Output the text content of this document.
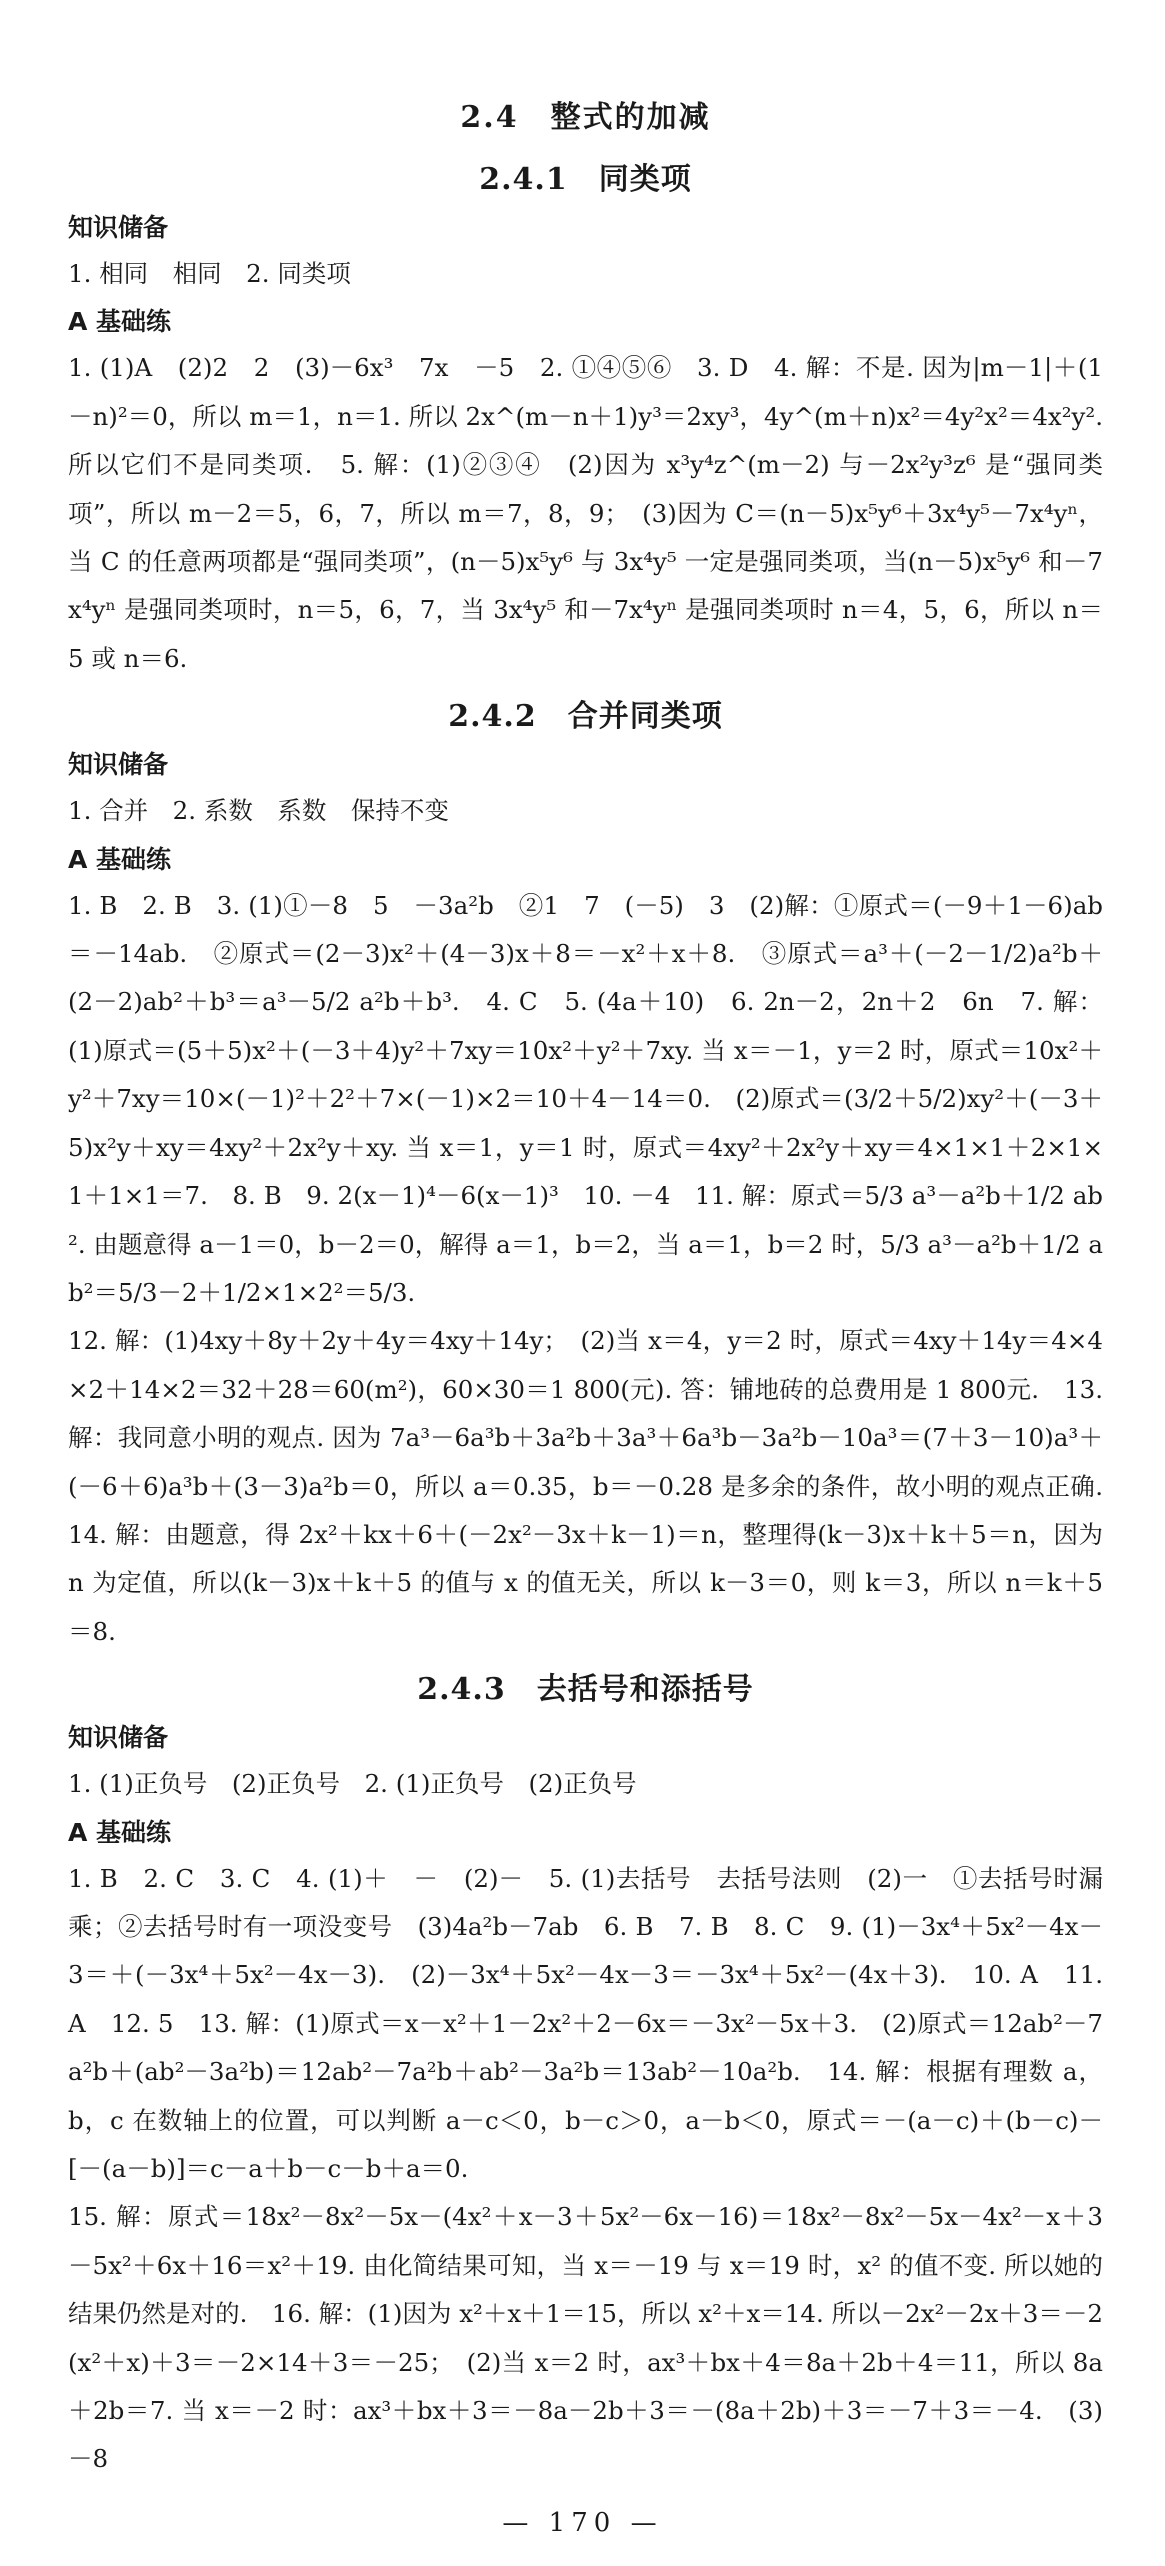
2.4　整式的加减
2.4.1　同类项
知识储备

1. 相同　相同　2. 同类项

A 基础练

1. (1)A　(2)2　2　(3)－6x³　7x　－5　2. ①④⑤⑥　3. D　4. 解：不是. 因为|m－1|＋(1－n)²＝0，所以 m＝1，n＝1. 所以 2x^(m－n＋1)y³＝2xy³，4y^(m＋n)x²＝4y²x²＝4x²y². 所以它们不是同类项.　5. 解：(1)②③④　(2)因为 x³y⁴z^(m－2) 与－2x²y³z⁶ 是“强同类项”，所以 m－2＝5，6，7，所以 m＝7，8，9；　(3)因为 C＝(n－5)x⁵y⁶＋3x⁴y⁵－7x⁴yⁿ，当 C 的任意两项都是“强同类项”，(n－5)x⁵y⁶ 与 3x⁴y⁵ 一定是强同类项，当(n－5)x⁵y⁶ 和－7x⁴yⁿ 是强同类项时，n＝5，6，7，当 3x⁴y⁵ 和－7x⁴yⁿ 是强同类项时 n＝4，5，6，所以 n＝5 或 n＝6.

2.4.2　合并同类项
知识储备

1. 合并　2. 系数　系数　保持不变

A 基础练

1. B　2. B　3. (1)①－8　5　－3a²b　②1　7　(－5)　3　(2)解：①原式＝(－9＋1－6)ab＝－14ab.　②原式＝(2－3)x²＋(4－3)x＋8＝－x²＋x＋8.　③原式＝a³＋(－2－1/2)a²b＋(2－2)ab²＋b³＝a³－5/2 a²b＋b³.　4. C　5. (4a＋10)　6. 2n－2，2n＋2　6n　7. 解：(1)原式＝(5＋5)x²＋(－3＋4)y²＋7xy＝10x²＋y²＋7xy. 当 x＝－1，y＝2 时，原式＝10x²＋y²＋7xy＝10×(－1)²＋2²＋7×(－1)×2＝10＋4－14＝0.　(2)原式＝(3/2＋5/2)xy²＋(－3＋5)x²y＋xy＝4xy²＋2x²y＋xy. 当 x＝1，y＝1 时，原式＝4xy²＋2x²y＋xy＝4×1×1＋2×1×1＋1×1＝7.　8. B　9. 2(x－1)⁴－6(x－1)³　10. －4　11. 解：原式＝5/3 a³－a²b＋1/2 ab². 由题意得 a－1＝0，b－2＝0，解得 a＝1，b＝2，当 a＝1，b＝2 时，5/3 a³－a²b＋1/2 ab²＝5/3－2＋1/2×1×2²＝5/3.

12. 解：(1)4xy＋8y＋2y＋4y＝4xy＋14y；　(2)当 x＝4，y＝2 时，原式＝4xy＋14y＝4×4×2＋14×2＝32＋28＝60(m²)，60×30＝1 800(元). 答：铺地砖的总费用是 1 800元.　13. 解：我同意小明的观点. 因为 7a³－6a³b＋3a²b＋3a³＋6a³b－3a²b－10a³＝(7＋3－10)a³＋(－6＋6)a³b＋(3－3)a²b＝0，所以 a＝0.35，b＝－0.28 是多余的条件，故小明的观点正确.　14. 解：由题意，得 2x²＋kx＋6＋(－2x²－3x＋k－1)＝n，整理得(k－3)x＋k＋5＝n，因为 n 为定值，所以(k－3)x＋k＋5 的值与 x 的值无关，所以 k－3＝0，则 k＝3，所以 n＝k＋5＝8.

2.4.3　去括号和添括号
知识储备

1. (1)正负号　(2)正负号　2. (1)正负号　(2)正负号

A 基础练

1. B　2. C　3. C　4. (1)＋　－　(2)－　5. (1)去括号　去括号法则　(2)一　①去括号时漏乘；②去括号时有一项没变号　(3)4a²b－7ab　6. B　7. B　8. C　9. (1)－3x⁴＋5x²－4x－3＝＋(－3x⁴＋5x²－4x－3).　(2)－3x⁴＋5x²－4x－3＝－3x⁴＋5x²－(4x＋3).　10. A　11. A　12. 5　13. 解：(1)原式＝x－x²＋1－2x²＋2－6x＝－3x²－5x＋3.　(2)原式＝12ab²－7a²b＋(ab²－3a²b)＝12ab²－7a²b＋ab²－3a²b＝13ab²－10a²b.　14. 解：根据有理数 a，b，c 在数轴上的位置，可以判断 a－c＜0，b－c＞0，a－b＜0，原式＝－(a－c)＋(b－c)－[－(a－b)]＝c－a＋b－c－b＋a＝0.

15. 解：原式＝18x²－8x²－5x－(4x²＋x－3＋5x²－6x－16)＝18x²－8x²－5x－4x²－x＋3－5x²＋6x＋16＝x²＋19. 由化简结果可知，当 x＝－19 与 x＝19 时，x² 的值不变. 所以她的结果仍然是对的.　16. 解：(1)因为 x²＋x＋1＝15，所以 x²＋x＝14. 所以－2x²－2x＋3＝－2(x²＋x)＋3＝－2×14＋3＝－25；　(2)当 x＝2 时，ax³＋bx＋4＝8a＋2b＋4＝11，所以 8a＋2b＝7. 当 x＝－2 时：ax³＋bx＋3＝－8a－2b＋3＝－(8a＋2b)＋3＝－7＋3＝－4.　(3)－8

— 170 —
